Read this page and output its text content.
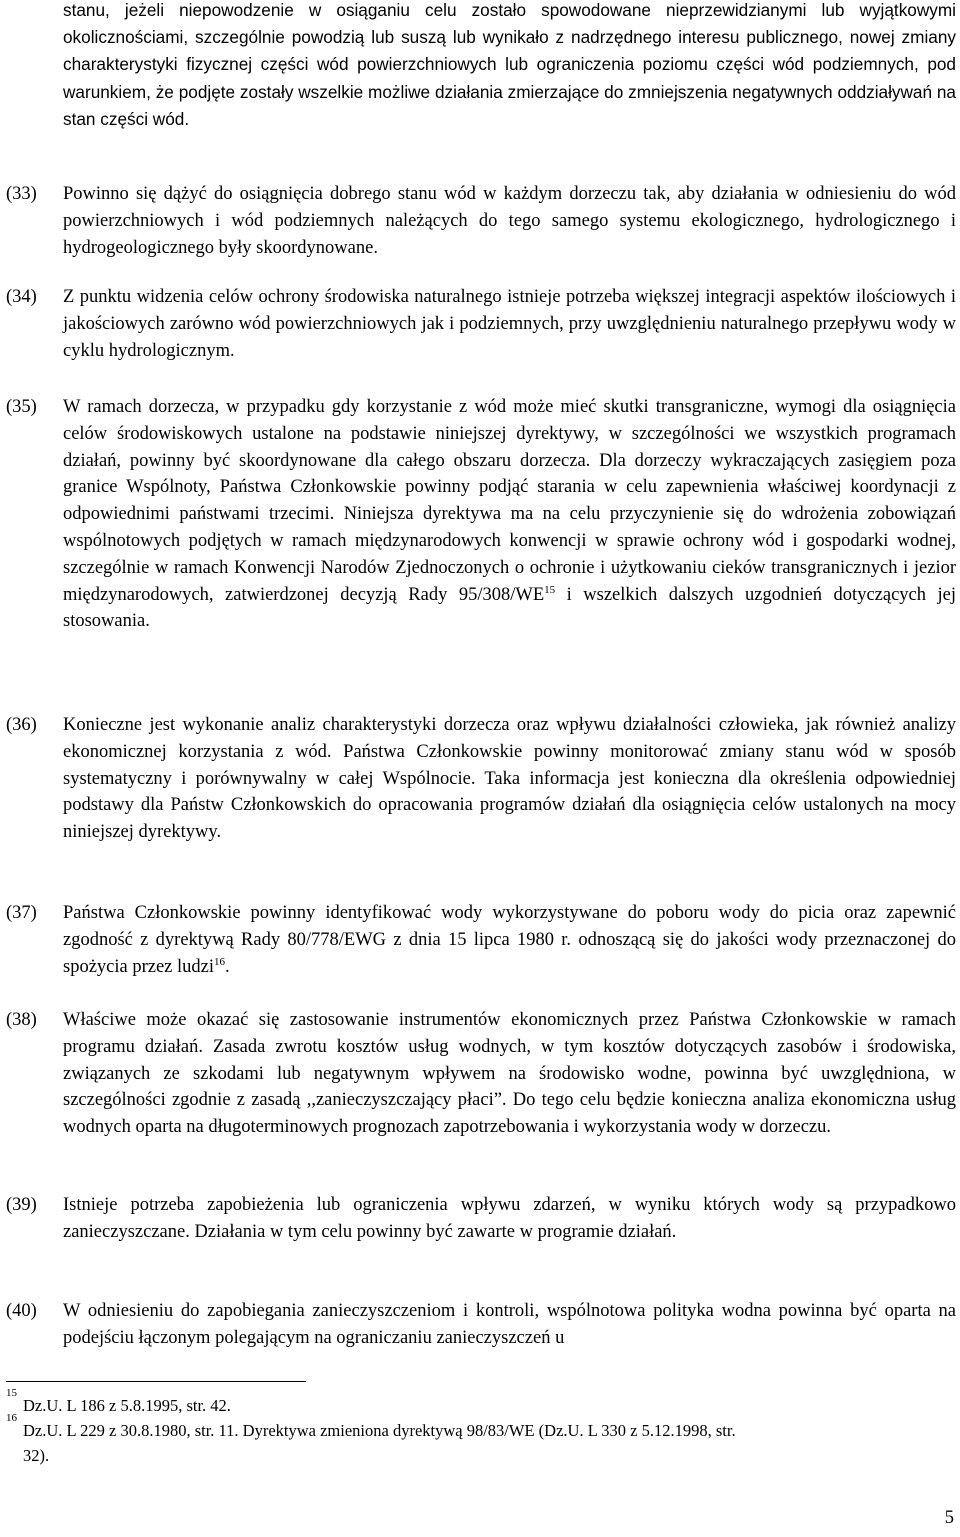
stanu, jeżeli niepowodzenie w osiąganiu celu zostało spowodowane nieprzewidzianymi lub wyjątkowymi okolicznościami, szczególnie powodzią lub suszą lub wynikało z nadrzędnego interesu publicznego, nowej zmiany charakterystyki fizycznej części wód powierzchniowych lub ograniczenia poziomu części wód podziemnych, pod warunkiem, że podjęte zostały wszelkie możliwe działania zmierzające do zmniejszenia negatywnych oddziaływań na stan części wód.
(33)	Powinno się dążyć do osiągnięcia dobrego stanu wód w każdym dorzeczu tak, aby działania w odniesieniu do wód powierzchniowych i wód podziemnych należących do tego samego systemu ekologicznego, hydrologicznego i hydrogeologicznego były skoordynowane.
(34)	Z punktu widzenia celów ochrony środowiska naturalnego istnieje potrzeba większej integracji aspektów ilościowych i jakościowych zarówno wód powierzchniowych jak i podziemnych, przy uwzględnieniu naturalnego przepływu wody w cyklu hydrologicznym.
(35)	W ramach dorzecza, w przypadku gdy korzystanie z wód może mieć skutki transgraniczne, wymogi dla osiągnięcia celów środowiskowych ustalone na podstawie niniejszej dyrektywy, w szczególności we wszystkich programach działań, powinny być skoordynowane dla całego obszaru dorzecza. Dla dorzeczy wykraczających zasięgiem poza granice Wspólnoty, Państwa Członkowskie powinny podjąć starania w celu zapewnienia właściwej koordynacji z odpowiednimi państwami trzecimi. Niniejsza dyrektywa ma na celu przyczynienie się do wdrożenia zobowiązań wspólnotowych podjętych w ramach międzynarodowych konwencji w sprawie ochrony wód i gospodarki wodnej, szczególnie w ramach Konwencji Narodów Zjednoczonych o ochronie i użytkowaniu cieków transgranicznych i jezior międzynarodowych, zatwierdzonej decyzją Rady 95/308/WE$^{15}$ i wszelkich dalszych uzgodnień dotyczących jej stosowania.
(36)	Konieczne jest wykonanie analiz charakterystyki dorzecza oraz wpływu działalności człowieka, jak również analizy ekonomicznej korzystania z wód. Państwa Członkowskie powinny monitorować zmiany stanu wód w sposób systematyczny i porównywalny w całej Wspólnocie. Taka informacja jest konieczna dla określenia odpowiedniej podstawy dla Państw Członkowskich do opracowania programów działań dla osiągnięcia celów ustalonych na mocy niniejszej dyrektywy.
(37)	Państwa Członkowskie powinny identyfikować wody wykorzystywane do poboru wody do picia oraz zapewnić zgodność z dyrektywą Rady 80/778/EWG z dnia 15 lipca 1980 r. odnoszącą się do jakości wody przeznaczonej do spożycia przez ludzi$^{16}$.
(38)	Właściwe może okazać się zastosowanie instrumentów ekonomicznych przez Państwa Członkowskie w ramach programu działań. Zasada zwrotu kosztów usług wodnych, w tym kosztów dotyczących zasobów i środowiska, związanych ze szkodami lub negatywnym wpływem na środowisko wodne, powinna być uwzględniona, w szczególności zgodnie z zasadą ,,zanieczyszczający płaci”. Do tego celu będzie konieczna analiza ekonomiczna usług wodnych oparta na długoterminowych prognozach zapotrzebowania i wykorzystania wody w dorzeczu.
(39)	Istnieje potrzeba zapobieżenia lub ograniczenia wpływu zdarzeń, w wyniku których wody są przypadkowo zanieczyszczane. Działania w tym celu powinny być zawarte w programie działań.
(40)	W odniesieniu do zapobiegania zanieczyszczeniom i kontroli, wspólnotowa polityka wodna powinna być oparta na podejściu łączonym polegającym na ograniczaniu zanieczyszczeń u
15
Dz.U. L 186 z 5.8.1995, str. 42.
16
Dz.U. L 229 z 30.8.1980, str. 11. Dyrektywa zmieniona dyrektywą 98/83/WE (Dz.U. L 330 z 5.12.1998, str.
32).
5
